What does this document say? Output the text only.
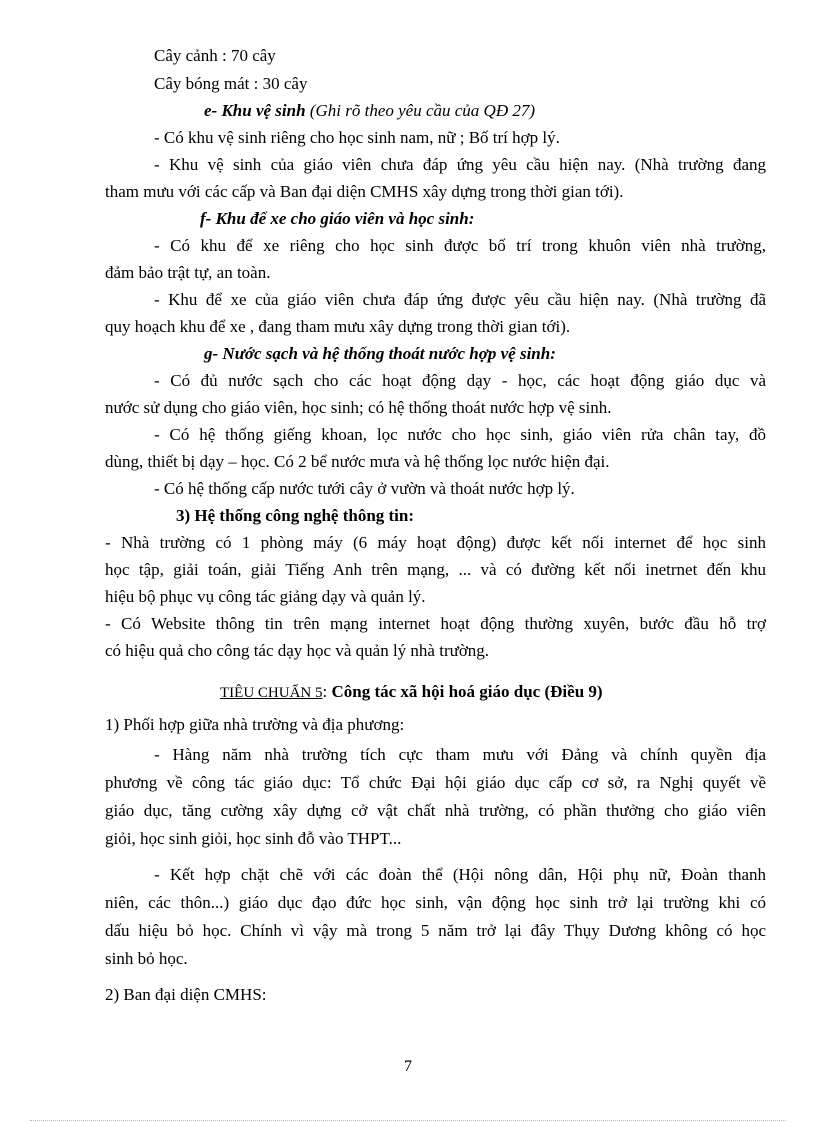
Cây cảnh : 70 cây
Cây bóng mát : 30 cây
e- Khu vệ sinh (Ghi rõ theo yêu cầu của QĐ 27)
- Có khu vệ sinh riêng cho học sinh nam, nữ ; Bố trí hợp lý.
- Khu vệ sinh của giáo viên chưa đáp ứng yêu cầu hiện nay. (Nhà trường đang
tham mưu với các cấp và Ban đại diện CMHS xây dựng trong thời gian tới).
f- Khu để xe cho giáo viên và học sinh:
- Có khu để xe riêng cho học sinh được bố trí trong khuôn viên nhà trường,
đảm bảo trật tự, an toàn.
- Khu để xe của giáo viên chưa đáp ứng được yêu cầu hiện nay. (Nhà trường đã
quy hoạch khu để xe , đang tham mưu xây dựng trong thời gian tới).
g- Nước sạch và hệ thống thoát nước hợp vệ sinh:
- Có đủ nước sạch cho các hoạt động dạy - học, các hoạt động giáo dục và
nước sử dụng cho giáo viên, học sinh; có hệ thống thoát nước hợp vệ sinh.
- Có hệ thống giếng khoan, lọc nước cho học sinh, giáo viên rửa chân tay, đồ
dùng, thiết bị dạy – học. Có 2 bể nước mưa và hệ thống lọc nước hiện đại.
- Có hệ thống cấp nước tưới cây ở vườn và thoát nước hợp lý.
3) Hệ thống công nghệ thông tin:
- Nhà trường có 1 phòng máy (6 máy hoạt động) được kết nối internet để học sinh
học tập, giải toán, giải Tiếng Anh trên mạng, ... và có đường kết nối inetrnet đến khu
hiệu bộ phục vụ công tác giảng dạy và quản lý.
- Có Website thông tin trên mạng internet hoạt động thường xuyên, bước đầu hỗ trợ
có hiệu quả cho công tác dạy học và quản lý nhà trường.
TIÊU CHUẨN 5: Công tác xã hội hoá giáo dục (Điều 9)
1) Phối hợp giữa nhà trường và địa phương:
- Hàng năm nhà trường tích cực tham mưu với Đảng và chính quyền địa
phương về công tác giáo dục: Tổ chức Đại hội giáo dục cấp cơ sở, ra Nghị quyết về
giáo dục, tăng cường xây dựng cở vật chất nhà trường, có phần thưởng cho giáo viên
giỏi, học sinh giỏi, học sinh đỗ vào THPT...
- Kết hợp chặt chẽ với các đoàn thể (Hội nông dân, Hội phụ nữ, Đoàn thanh
niên, các thôn...) giáo dục đạo đức học sinh, vận động học sinh trở lại trường khi có
dấu hiệu bỏ học. Chính vì vậy mà trong 5 năm trở lại đây Thụy Dương không có học
sinh bỏ học.
2) Ban đại diện CMHS:
7
